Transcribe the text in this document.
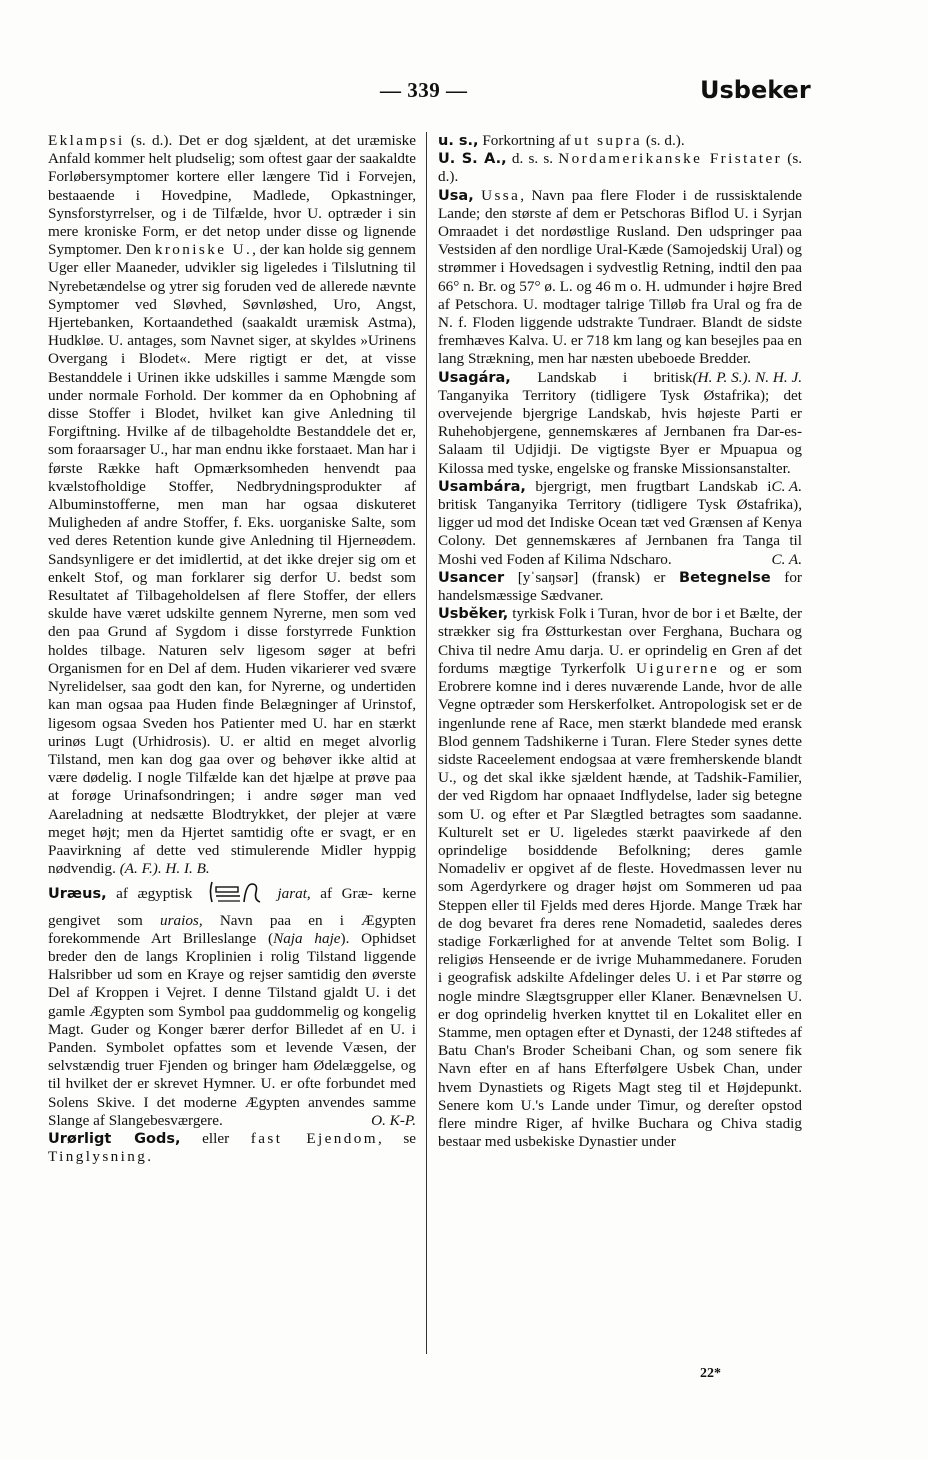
— 339 —	Usbeker

Eklampsi (s. d.). Det er dog sjældent, at det uræmiske Anfald kommer helt pludselig; som oftest gaar der saakaldte Forløbersymptomer kortere eller længere Tid i Forvejen, bestaaende i Hovedpine, Madlede, Opkastninger, Synsforstyrrelser, og i de Tilfælde, hvor U. optræder i sin mere kroniske Form, er det netop under disse og lignende Symptomer. Den kroniske U., der kan holde sig gennem Uger eller Maaneder, udvikler sig ligeledes i Tilslutning til Nyrebetændelse og ytrer sig foruden ved de allerede nævnte Symptomer ved Sløvhed, Søvnløshed, Uro, Angst, Hjertebanken, Kortaandethed (saakaldt uræmisk Astma), Hudkløe. U. antages, som Navnet siger, at skyldes »Urinens Overgang i Blodet«. Mere rigtigt er det, at visse Bestanddele i Urinen ikke udskilles i samme Mængde som under normale Forhold. Der kommer da en Ophobning af disse Stoffer i Blodet, hvilket kan give Anledning til Forgiftning. Hvilke af de tilbageholdte Bestanddele det er, som foraarsager U., har man endnu ikke forstaaet. Man har i første Række haft Opmærksomheden henvendt paa kvælstofholdige Stoffer, Nedbrydningsprodukter af Albuminstofferne, men man har ogsaa diskuteret Muligheden af andre Stoffer, f. Eks. uorganiske Salte, som ved deres Retention kunde give Anledning til Hjerneødem. Sandsynligere er det imidlertid, at det ikke drejer sig om et enkelt Stof, og man forklarer sig derfor U. bedst som Resultatet af Tilbageholdelsen af flere Stoffer, der ellers skulde have været udskilte gennem Nyrerne, men som ved den paa Grund af Sygdom i disse forstyrrede Funktion holdes tilbage. Naturen selv ligesom søger at befri Organismen for en Del af dem. Huden vikarierer ved svære Nyrelidelser, saa godt den kan, for Nyrerne, og undertiden kan man ogsaa paa Huden finde Belægninger af Urinstof, ligesom ogsaa Sveden hos Patienter med U. har en stærkt urinøs Lugt (Urhidrosis). U. er altid en meget alvorlig Tilstand, men kan dog gaa over og behøver ikke altid at være dødelig. I nogle Tilfælde kan det hjælpe at prøve paa at forøge Urinafsondringen; i andre søger man ved Aareladning at nedsætte Blodtrykket, der plejer at være meget højt; men da Hjertet samtidig ofte er svagt, er en Paavirkning af dette ved stimulerende Midler hyppig nødvendig. (A. F.). H. I. B.

Uræus, af ægyptisk	jarat, af Græ- kerne gengivet som uraios, Navn paa en i Ægypten forekommende Art Brilleslange (Naja haje). Ophidset breder den de langs Kroplinien i rolig Tilstand liggende Halsribber ud som en Kraye og rejser samtidig den øverste Del af Kroppen i Vejret. I denne Tilstand gjaldt U. i det gamle Ægypten som Symbol paa guddommelig og kongelig Magt. Guder og Konger bærer derfor Billedet af en U. i Panden. Symbolet opfattes som et levende Væsen, der selvstændig truer Fjenden og bringer ham Ødelæggelse, og til hvilket der er skrevet Hymner. U. er ofte forbundet med Solens Skive. I det moderne Ægypten anvendes samme Slange af Slangebesværgere.	O. K-P.

Urørligt Gods, eller fast Ejendom, se Tinglysning.

u. s., Forkortning af ut supra (s. d.).

U. S. A., d. s. s. Nordamerikanske Fristater (s. d.).

Usa, Ussa, Navn paa flere Floder i de russisktalende Lande; den største af dem er Petschoras Biflod U. i Syrjan Omraadet i det nordøstlige Rusland. Den udspringer paa Vestsiden af den nordlige Ural-Kæde (Samojedskij Ural) og strømmer i Hovedsagen i sydvestlig Retning, indtil den paa 66° n. Br. og 57° ø. L. og 46 m o. H. udmunder i højre Bred af Petschora. U. modtager talrige Tilløb fra Ural og fra de N. f. Floden liggende udstrakte Tundraer. Blandt de sidste fremhæves Kalva. U. er 718 km lang og kan besejles paa en lang Strækning, men har næsten ubeboede Bredder.
(H. P. S.). N. H. J.

Usagára, Landskab i britisk Tanganyika Territory (tidligere Tysk Østafrika); det overvejende bjergrige Landskab, hvis højeste Parti er Ruhehobjergene, gennemskæres af Jernbanen fra Dar-es-Salaam til Udjidji. De vigtigste Byer er Mpuapua og Kilossa med tyske, engelske og franske Missionsanstalter.
C. A.

Usambára, bjergrigt, men frugtbart Landskab i britisk Tanganyika Territory (tidligere Tysk Østafrika), ligger ud mod det Indiske Ocean tæt ved Grænsen af Kenya Colony. Det gennemskæres af Jernbanen fra Tanga til Moshi ved Foden af Kilima Ndscharo.	C. A.

Usancer [yˈsaŋsər] (fransk) er Betegnelse for handelsmæssige Sædvaner.

Usbĕker, tyrkisk Folk i Turan, hvor de bor i et Bælte, der strækker sig fra Østturkestan over Ferghana, Buchara og Chiva til nedre Amu darja. U. er oprindelig en Gren af det fordums mægtige Tyrkerfolk Uigurerne og er som Erobrere komne ind i deres nuværende Lande, hvor de alle Vegne optræder som Herskerfolket. Antropologisk set er de ingenlunde rene af Race, men stærkt blandede med eransk Blod gennem Tadshikerne i Turan. Flere Steder synes dette sidste Raceelement endogsaa at være fremherskende blandt U., og det skal ikke sjældent hænde, at Tadshik-Familier, der ved Rigdom har opnaaet Indflydelse, lader sig betegne som U. og efter et Par Slægtled betragtes som saadanne. Kulturelt set er U. ligeledes stærkt paavirkede af den oprindelige bosiddende Befolkning; deres gamle Nomadeliv er opgivet af de fleste. Hovedmassen lever nu som Agerdyrkere og drager højst om Sommeren ud paa Steppen eller til Fjelds med deres Hjorde. Mange Træk har de dog bevaret fra deres rene Nomadetid, saaledes deres stadige Forkærlighed for at anvende Teltet som Bolig. I religiøs Henseende er de ivrige Muhammedanere. Foruden i geografisk adskilte Afdelinger deles U. i et Par større og nogle mindre Slægtsgrupper eller Klaner. Benævnelsen U. er dog oprindelig hverken knyttet til en Lokalitet eller en Stamme, men optagen efter et Dynasti, der 1248 stiftedes af Batu Chan's Broder Scheibani Chan, og som senere fik Navn efter en af hans Efterfølgere Usbek Chan, under hvem Dynastiets og Rigets Magt steg til et Højdepunkt. Senere kom U.'s Lande under Timur, og dereſter opstod flere mindre Riger, af hvilke Buchara og Chiva stadig bestaar med usbekiske Dynastier under

22*
